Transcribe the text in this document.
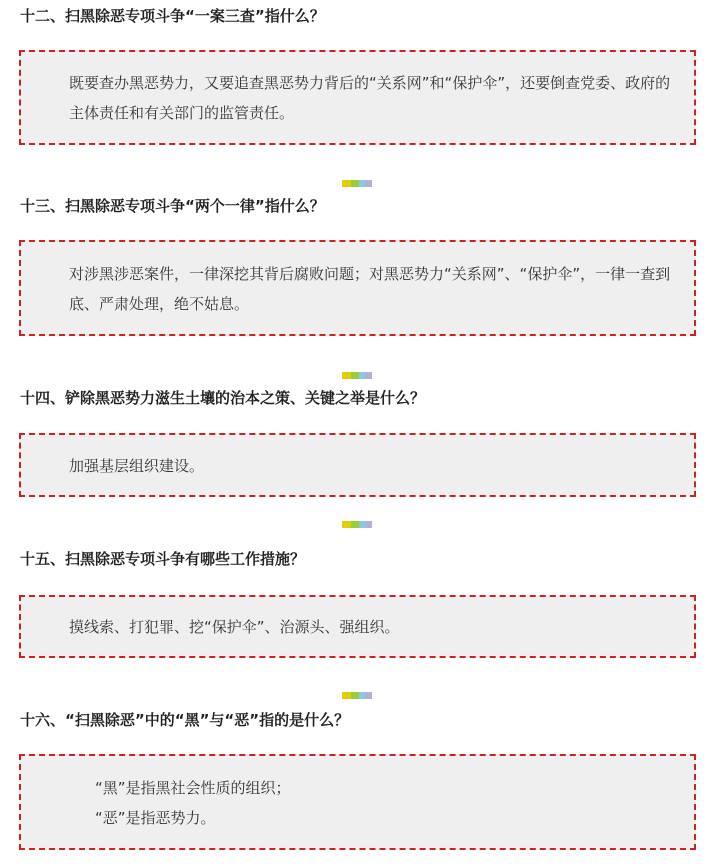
十二、扫黑除恶专项斗争“一案三查”指什么？

既要查办黑恶势力，又要追查黑恶势力背后的“关系网”和“保护伞”，还要倒查党委、政府的主体责任和有关部门的监管责任。

十三、扫黑除恶专项斗争“两个一律”指什么？

对涉黑涉恶案件，一律深挖其背后腐败问题；对黑恶势力“关系网”、“保护伞”，一律一查到底、严肃处理，绝不姑息。

十四、铲除黑恶势力滋生土壤的治本之策、关键之举是什么？

加强基层组织建设。

十五、扫黑除恶专项斗争有哪些工作措施？

摸线索、打犯罪、挖“保护伞”、治源头、强组织。

十六、“扫黑除恶”中的“黑”与“恶”指的是什么？
“黑”是指黑社会性质的组织；
“恶”是指恶势力。
